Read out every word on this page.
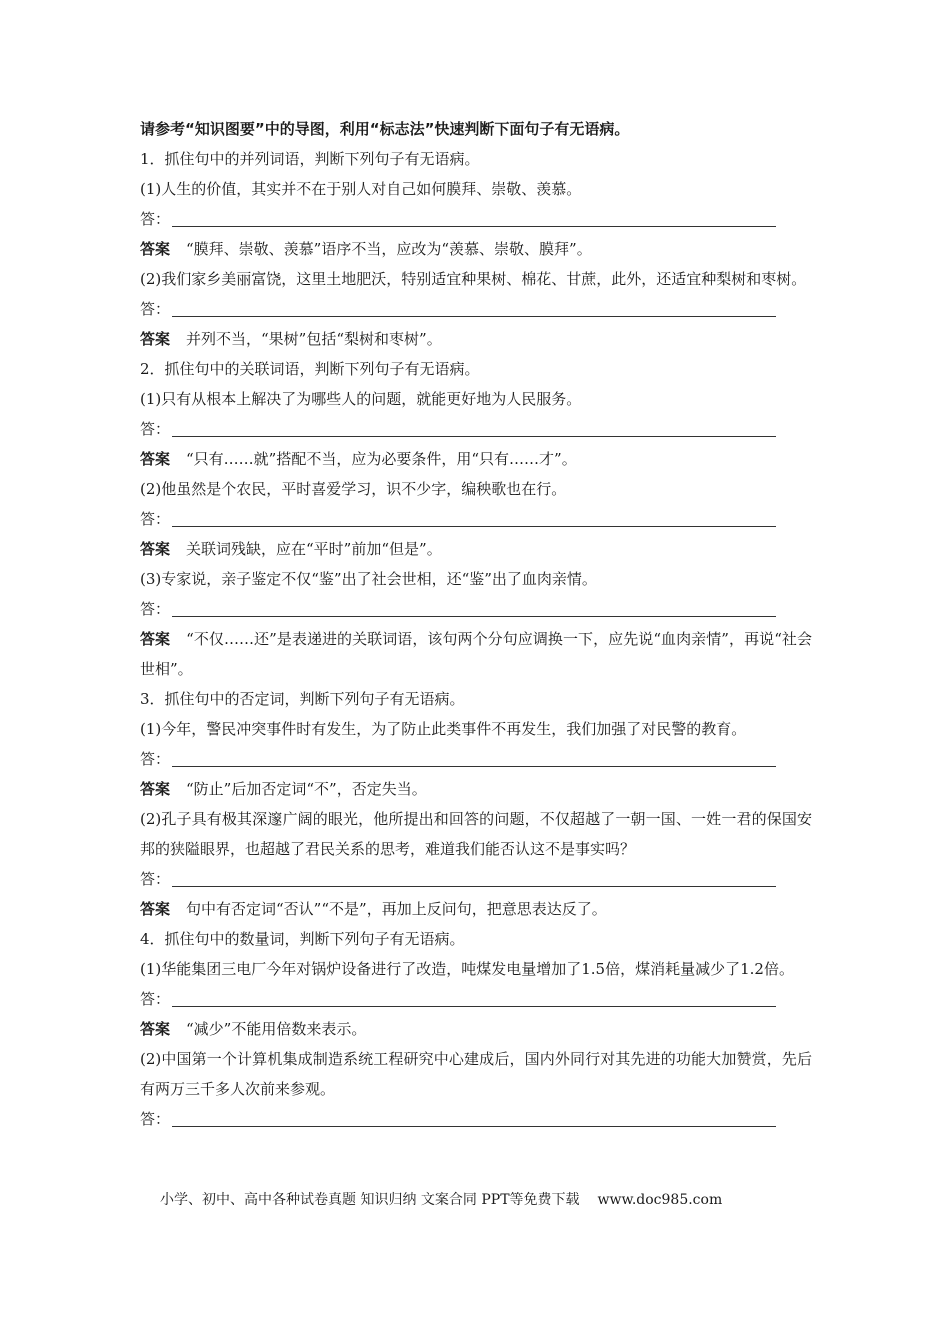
请参考“知识图要”中的导图，利用“标志法”快速判断下面句子有无语病。
1．抓住句中的并列词语，判断下列句子有无语病。
(1)人生的价值，其实并不在于别人对自己如何膜拜、崇敬、羡慕。
答：
答案 “膜拜、崇敬、羡慕”语序不当，应改为“羡慕、崇敬、膜拜”。
(2)我们家乡美丽富饶，这里土地肥沃，特别适宜种果树、棉花、甘蔗，此外，还适宜种梨树和枣树。
答：
答案 并列不当，“果树”包括“梨树和枣树”。
2．抓住句中的关联词语，判断下列句子有无语病。
(1)只有从根本上解决了为哪些人的问题，就能更好地为人民服务。
答：
答案 “只有……就”搭配不当，应为必要条件，用“只有……才”。
(2)他虽然是个农民，平时喜爱学习，识不少字，编秧歌也在行。
答：
答案 关联词残缺，应在“平时”前加“但是”。
(3)专家说，亲子鉴定不仅“鉴”出了社会世相，还“鉴”出了血肉亲情。
答：
答案 “不仅……还”是表递进的关联词语，该句两个分句应调换一下，应先说“血肉亲情”，再说“社会世相”。
3．抓住句中的否定词，判断下列句子有无语病。
(1)今年，警民冲突事件时有发生，为了防止此类事件不再发生，我们加强了对民警的教育。
答：
答案 “防止”后加否定词“不”，否定失当。
(2)孔子具有极其深邃广阔的眼光，他所提出和回答的问题，不仅超越了一朝一国、一姓一君的保国安邦的狭隘眼界，也超越了君民关系的思考，难道我们能否认这不是事实吗？
答：
答案 句中有否定词“否认”“不是”，再加上反问句，把意思表达反了。
4．抓住句中的数量词，判断下列句子有无语病。
(1)华能集团三电厂今年对锅炉设备进行了改造，吨煤发电量增加了1.5倍，煤消耗量减少了1.2倍。
答：
答案 “减少”不能用倍数来表示。
(2)中国第一个计算机集成制造系统工程研究中心建成后，国内外同行对其先进的功能大加赞赏，先后有两万三千多人次前来参观。
答：
小学、初中、高中各种试卷真题 知识归纳 文案合同 PPT等免费下载 www.doc985.com
